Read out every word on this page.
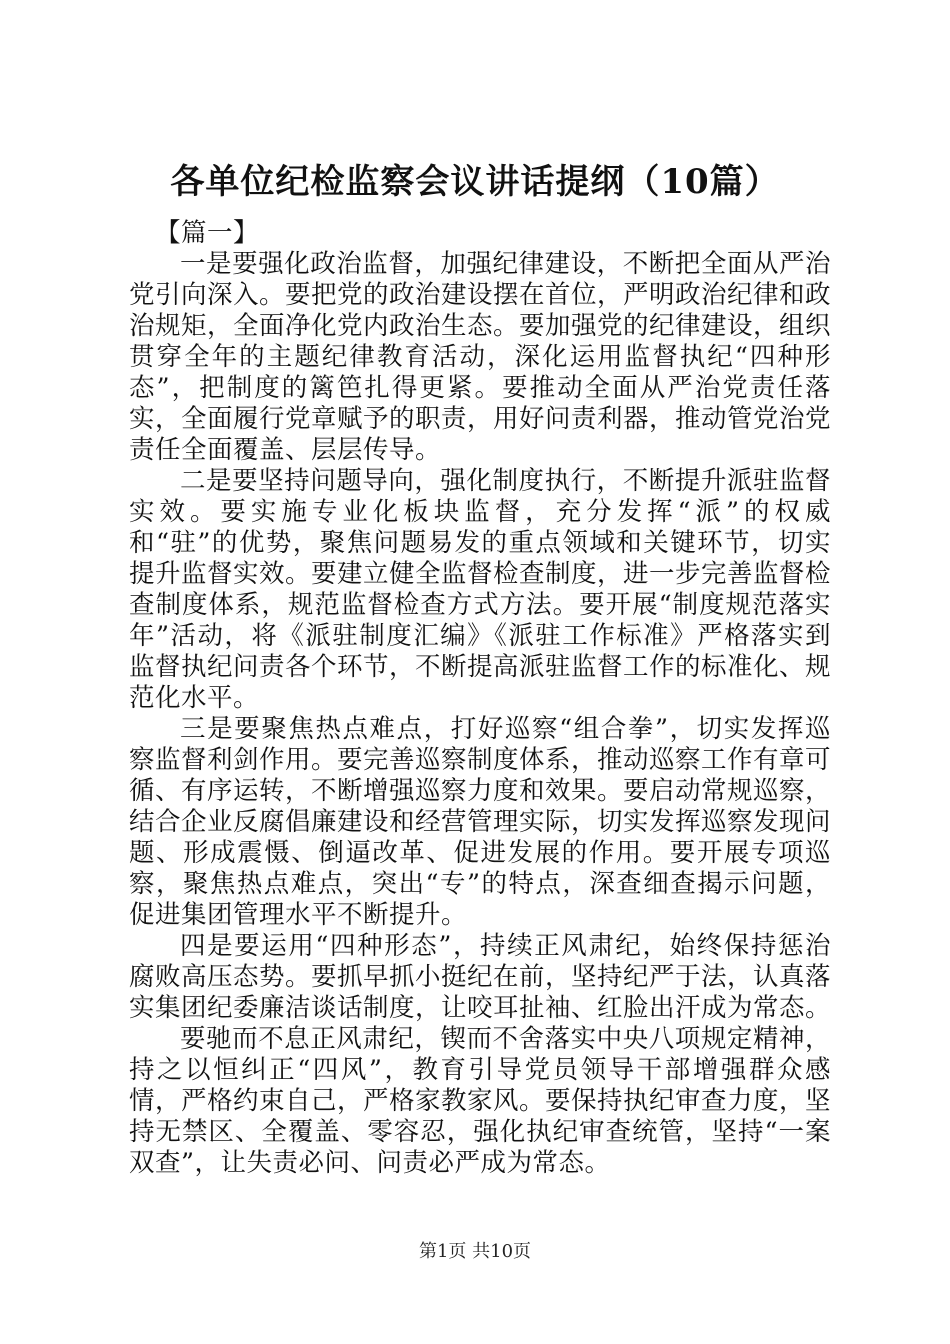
各单位纪检监察会议讲话提纲（10篇）

【篇一】

一是要强化政治监督，加强纪律建设，不断把全面从严治党引向深入。要把党的政治建设摆在首位，严明政治纪律和政治规矩，全面净化党内政治生态。要加强党的纪律建设，组织贯穿全年的主题纪律教育活动，深化运用监督执纪“四种形态”，把制度的篱笆扎得更紧。要推动全面从严治党责任落实，全面履行党章赋予的职责，用好问责利器，推动管党治党责任全面覆盖、层层传导。

二是要坚持问题导向，强化制度执行，不断提升派驻监督实效。要实施专业化板块监督，充分发挥“派”的权威和“驻”的优势，聚焦问题易发的重点领域和关键环节，切实提升监督实效。要建立健全监督检查制度，进一步完善监督检查制度体系，规范监督检查方式方法。要开展“制度规范落实年”活动，将《派驻制度汇编》《派驻工作标准》严格落实到监督执纪问责各个环节，不断提高派驻监督工作的标准化、规范化水平。

三是要聚焦热点难点，打好巡察“组合拳”，切实发挥巡察监督利剑作用。要完善巡察制度体系，推动巡察工作有章可循、有序运转，不断增强巡察力度和效果。要启动常规巡察，结合企业反腐倡廉建设和经营管理实际，切实发挥巡察发现问题、形成震慑、倒逼改革、促进发展的作用。要开展专项巡察，聚焦热点难点，突出“专”的特点，深查细查揭示问题，促进集团管理水平不断提升。

四是要运用“四种形态”，持续正风肃纪，始终保持惩治腐败高压态势。要抓早抓小挺纪在前，坚持纪严于法，认真落实集团纪委廉洁谈话制度，让咬耳扯袖、红脸出汗成为常态。

要驰而不息正风肃纪，锲而不舍落实中央八项规定精神，持之以恒纠正“四风”，教育引导党员领导干部增强群众感情，严格约束自己，严格家教家风。要保持执纪审查力度，坚持无禁区、全覆盖、零容忍，强化执纪审查统管，坚持“一案双查”，让失责必问、问责必严成为常态。

第1页 共10页
